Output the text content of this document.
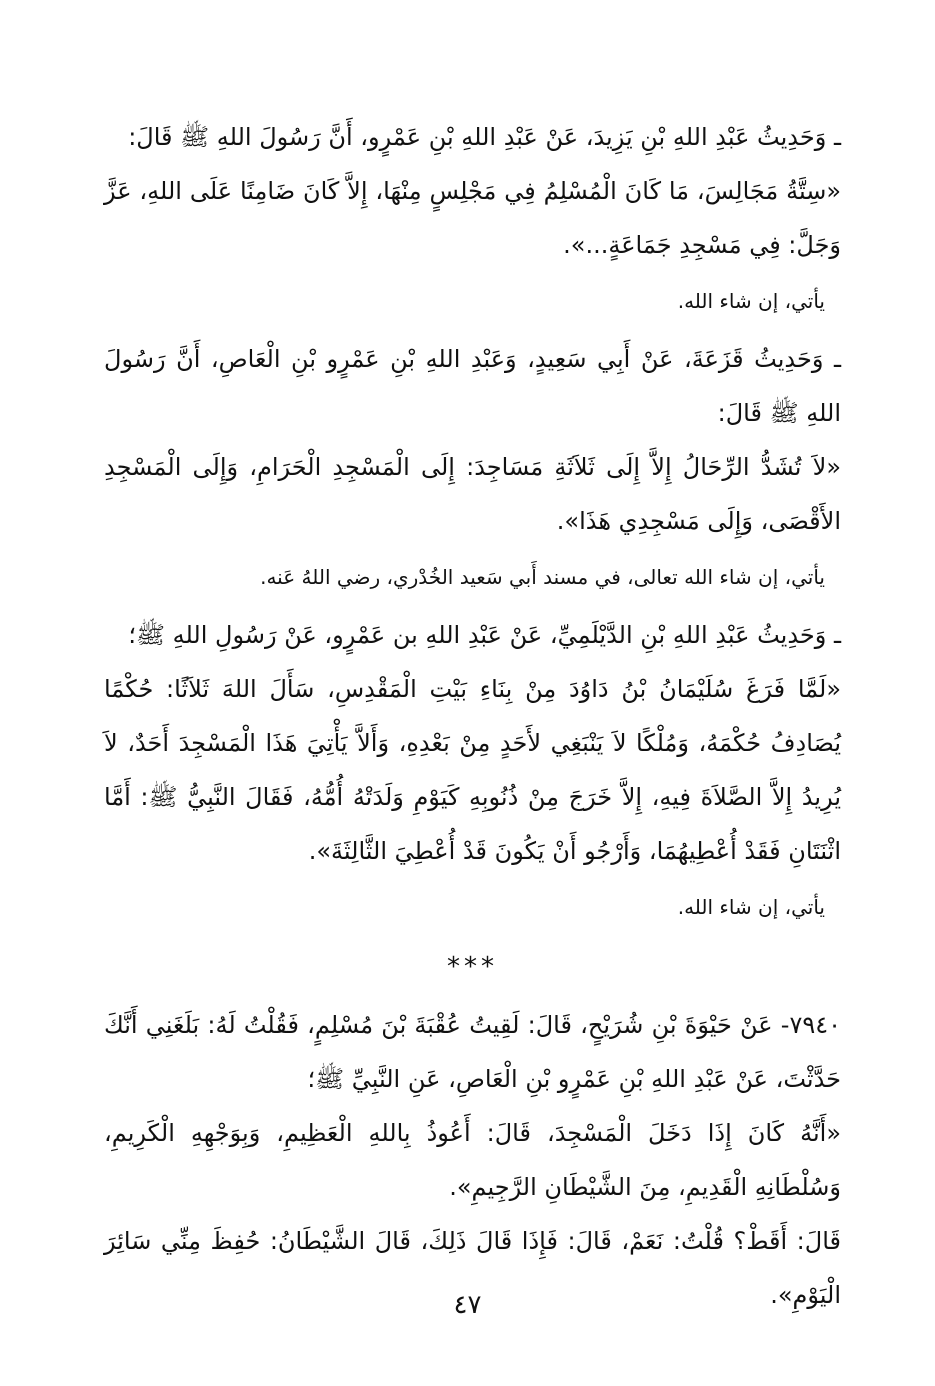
ـ وَحَدِيثُ عَبْدِ اللهِ بْنِ يَزِيدَ، عَنْ عَبْدِ اللهِ بْنِ عَمْرٍو، أَنَّ رَسُولَ اللهِ ﷺ قَالَ:

«سِتَّةُ مَجَالِسَ، مَا كَانَ الْمُسْلِمُ فِي مَجْلِسٍ مِنْهَا، إِلاَّ كَانَ ضَامِنًا عَلَى اللهِ، عَزَّ وَجَلَّ: فِي مَسْجِدِ جَمَاعَةٍ...».

يأتي، إن شاء الله.

ـ وَحَدِيثُ قَزَعَةَ، عَنْ أَبِي سَعِيدٍ، وَعَبْدِ اللهِ بْنِ عَمْرٍو بْنِ الْعَاصِ، أَنَّ رَسُولَ اللهِ ﷺ قَالَ:

«لاَ تُشَدُّ الرِّحَالُ إِلاَّ إِلَى ثَلاَثَةِ مَسَاجِدَ: إِلَى الْمَسْجِدِ الْحَرَامِ، وَإِلَى الْمَسْجِدِ الأَقْصَى، وَإِلَى مَسْجِدِي هَذَا».

يأتي، إن شاء الله تعالى، في مسند أَبي سَعيد الخُدْري، رضي اللهُ عَنه.

ـ وَحَدِيثُ عَبْدِ اللهِ بْنِ الدَّيْلَمِيِّ، عَنْ عَبْدِ اللهِ بن عَمْرٍو، عَنْ رَسُولِ اللهِ ﷺ؛

«لَمَّا فَرَغَ سُلَيْمَانُ بْنُ دَاوُدَ مِنْ بِنَاءِ بَيْتِ الْمَقْدِسِ، سَأَلَ اللهَ ثَلاَثًا: حُكْمًا يُصَادِفُ حُكْمَهُ، وَمُلْكًا لاَ يَنْبَغِي لأَحَدٍ مِنْ بَعْدِهِ، وَأَلاَّ يَأْتِيَ هَذَا الْمَسْجِدَ أَحَدٌ، لاَ يُرِيدُ إِلاَّ الصَّلاَةَ فِيهِ، إِلاَّ خَرَجَ مِنْ ذُنُوبِهِ كَيَوْمِ وَلَدَتْهُ أُمُّهُ، فَقَالَ النَّبِيُّ ﷺ: أَمَّا اثْنَتَانِ فَقَدْ أُعْطِيهُمَا، وَأَرْجُو أَنْ يَكُونَ قَدْ أُعْطِيَ الثَّالِثَةَ».

يأتي، إن شاء الله.

***

٧٩٤٠- عَنْ حَيْوَةَ بْنِ شُرَيْحٍ، قَالَ: لَقِيتُ عُقْبَةَ بْنَ مُسْلِمٍ، فَقُلْتُ لَهُ: بَلَغَنِي أَنَّكَ حَدَّثْتَ، عَنْ عَبْدِ اللهِ بْنِ عَمْرٍو بْنِ الْعَاصِ، عَنِ النَّبِيِّ ﷺ؛

«أَنَّهُ كَانَ إِذَا دَخَلَ الْمَسْجِدَ، قَالَ: أَعُوذُ بِاللهِ الْعَظِيمِ، وَبِوَجْهِهِ الْكَرِيمِ، وَسُلْطَانِهِ الْقَدِيمِ، مِنَ الشَّيْطَانِ الرَّجِيمِ».

قَالَ: أَقَطْ؟ قُلْتُ: نَعَمْ، قَالَ: فَإِذَا قَالَ ذَلِكَ، قَالَ الشَّيْطَانُ: حُفِظَ مِنِّي سَائِرَ الْيَوْمِ».

٤٧
